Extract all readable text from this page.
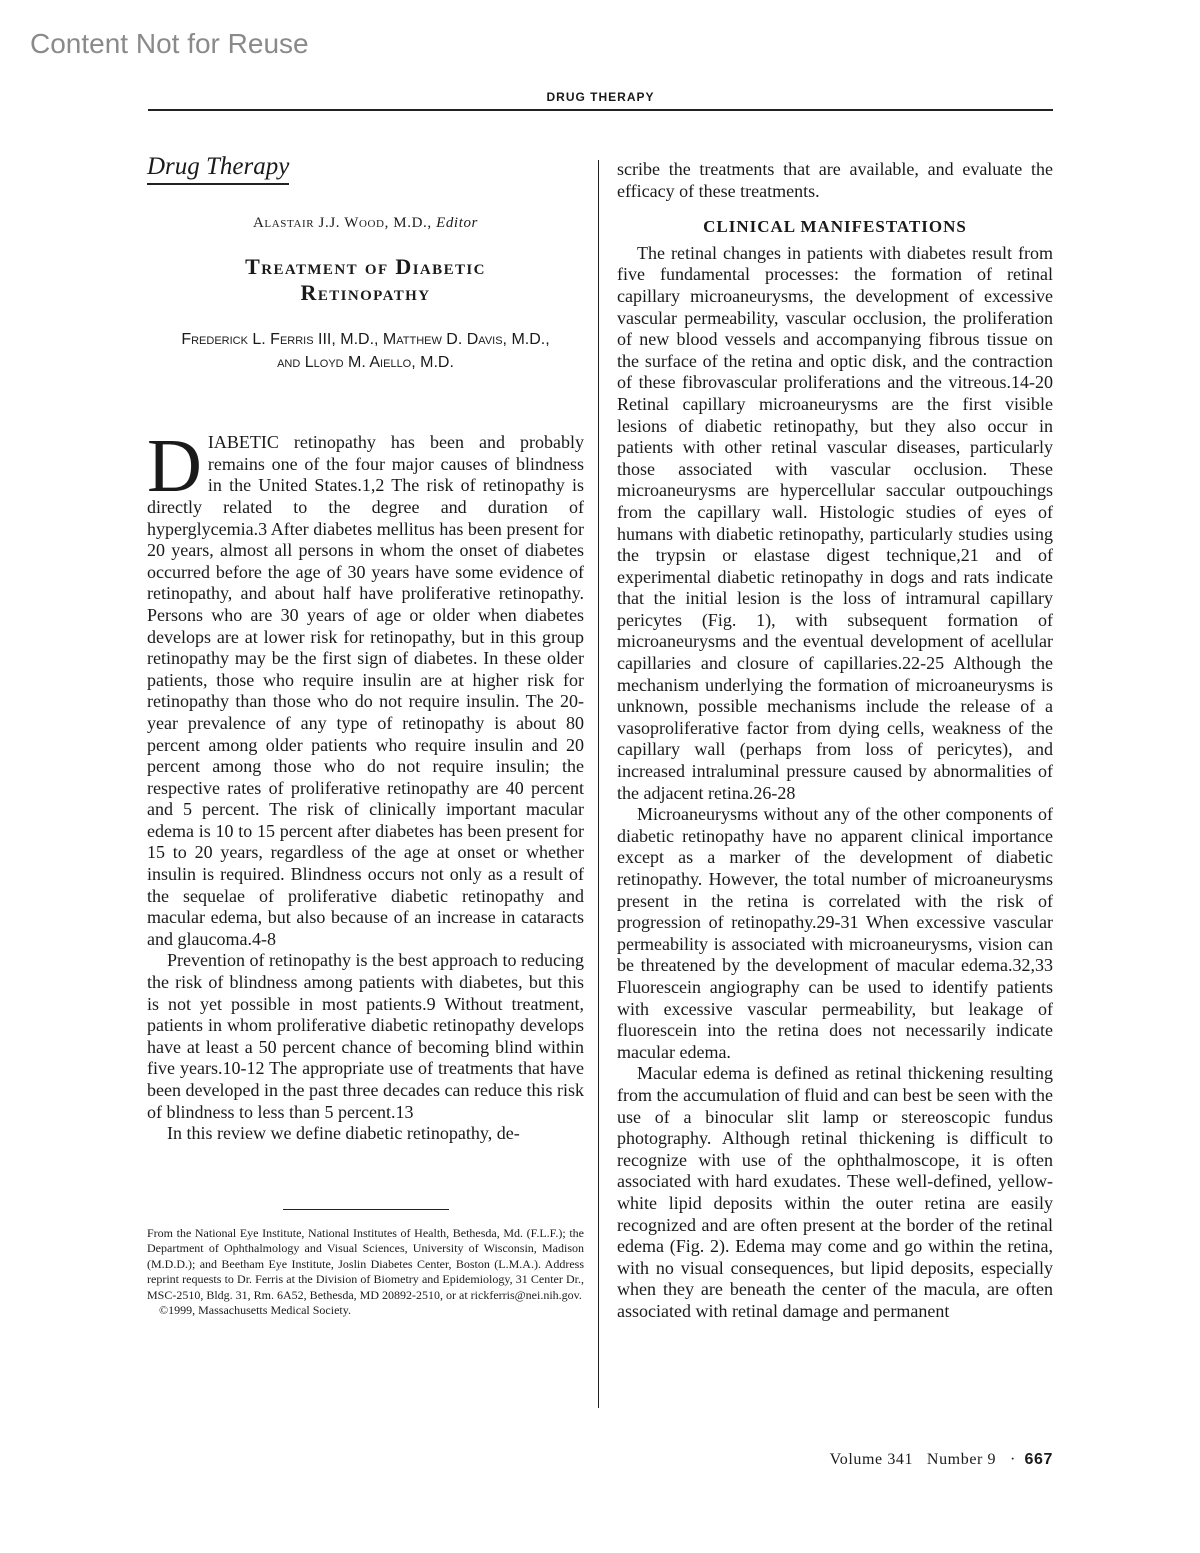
Content Not for Reuse
DRUG THERAPY
Drug Therapy
Alastair J.J. Wood, M.D., Editor
Treatment of Diabetic Retinopathy
Frederick L. Ferris III, M.D., Matthew D. Davis, M.D.,
and Lloyd M. Aiello, M.D.

DIABETIC retinopathy has been and probably remains one of the four major causes of blindness in the United States.1,2 The risk of retinopathy is directly related to the degree and duration of hyperglycemia.3 After diabetes mellitus has been present for 20 years, almost all persons in whom the onset of diabetes occurred before the age of 30 years have some evidence of retinopathy, and about half have proliferative retinopathy. Persons who are 30 years of age or older when diabetes develops are at lower risk for retinopathy, but in this group retinopathy may be the first sign of diabetes. In these older patients, those who require insulin are at higher risk for retinopathy than those who do not require insulin. The 20-year prevalence of any type of retinopathy is about 80 percent among older patients who require insulin and 20 percent among those who do not require insulin; the respective rates of proliferative retinopathy are 40 percent and 5 percent. The risk of clinically important macular edema is 10 to 15 percent after diabetes has been present for 15 to 20 years, regardless of the age at onset or whether insulin is required. Blindness occurs not only as a result of the sequelae of proliferative diabetic retinopathy and macular edema, but also because of an increase in cataracts and glaucoma.4-8

Prevention of retinopathy is the best approach to reducing the risk of blindness among patients with diabetes, but this is not yet possible in most patients.9 Without treatment, patients in whom proliferative diabetic retinopathy develops have at least a 50 percent chance of becoming blind within five years.10-12 The appropriate use of treatments that have been developed in the past three decades can reduce this risk of blindness to less than 5 percent.13

In this review we define diabetic retinopathy, de-

From the National Eye Institute, National Institutes of Health, Bethesda, Md. (F.L.F.); the Department of Ophthalmology and Visual Sciences, University of Wisconsin, Madison (M.D.D.); and Beetham Eye Institute, Joslin Diabetes Center, Boston (L.M.A.). Address reprint requests to Dr. Ferris at the Division of Biometry and Epidemiology, 31 Center Dr., MSC-2510, Bldg. 31, Rm. 6A52, Bethesda, MD 20892-2510, or at rickferris@nei.nih.gov.

©1999, Massachusetts Medical Society.

scribe the treatments that are available, and evaluate the efficacy of these treatments.

CLINICAL MANIFESTATIONS

The retinal changes in patients with diabetes result from five fundamental processes: the formation of retinal capillary microaneurysms, the development of excessive vascular permeability, vascular occlusion, the proliferation of new blood vessels and accompanying fibrous tissue on the surface of the retina and optic disk, and the contraction of these fibrovascular proliferations and the vitreous.14-20 Retinal capillary microaneurysms are the first visible lesions of diabetic retinopathy, but they also occur in patients with other retinal vascular diseases, particularly those associated with vascular occlusion. These microaneurysms are hypercellular saccular outpouchings from the capillary wall. Histologic studies of eyes of humans with diabetic retinopathy, particularly studies using the trypsin or elastase digest technique,21 and of experimental diabetic retinopathy in dogs and rats indicate that the initial lesion is the loss of intramural capillary pericytes (Fig. 1), with subsequent formation of microaneurysms and the eventual development of acellular capillaries and closure of capillaries.22-25 Although the mechanism underlying the formation of microaneurysms is unknown, possible mechanisms include the release of a vasoproliferative factor from dying cells, weakness of the capillary wall (perhaps from loss of pericytes), and increased intraluminal pressure caused by abnormalities of the adjacent retina.26-28

Microaneurysms without any of the other components of diabetic retinopathy have no apparent clinical importance except as a marker of the development of diabetic retinopathy. However, the total number of microaneurysms present in the retina is correlated with the risk of progression of retinopathy.29-31 When excessive vascular permeability is associated with microaneurysms, vision can be threatened by the development of macular edema.32,33 Fluorescein angiography can be used to identify patients with excessive vascular permeability, but leakage of fluorescein into the retina does not necessarily indicate macular edema.

Macular edema is defined as retinal thickening resulting from the accumulation of fluid and can best be seen with the use of a binocular slit lamp or stereoscopic fundus photography. Although retinal thickening is difficult to recognize with use of the ophthalmoscope, it is often associated with hard exudates. These well-defined, yellow-white lipid deposits within the outer retina are easily recognized and are often present at the border of the retinal edema (Fig. 2). Edema may come and go within the retina, with no visual consequences, but lipid deposits, especially when they are beneath the center of the macula, are often associated with retinal damage and permanent

Volume 341   Number 9   · 667
